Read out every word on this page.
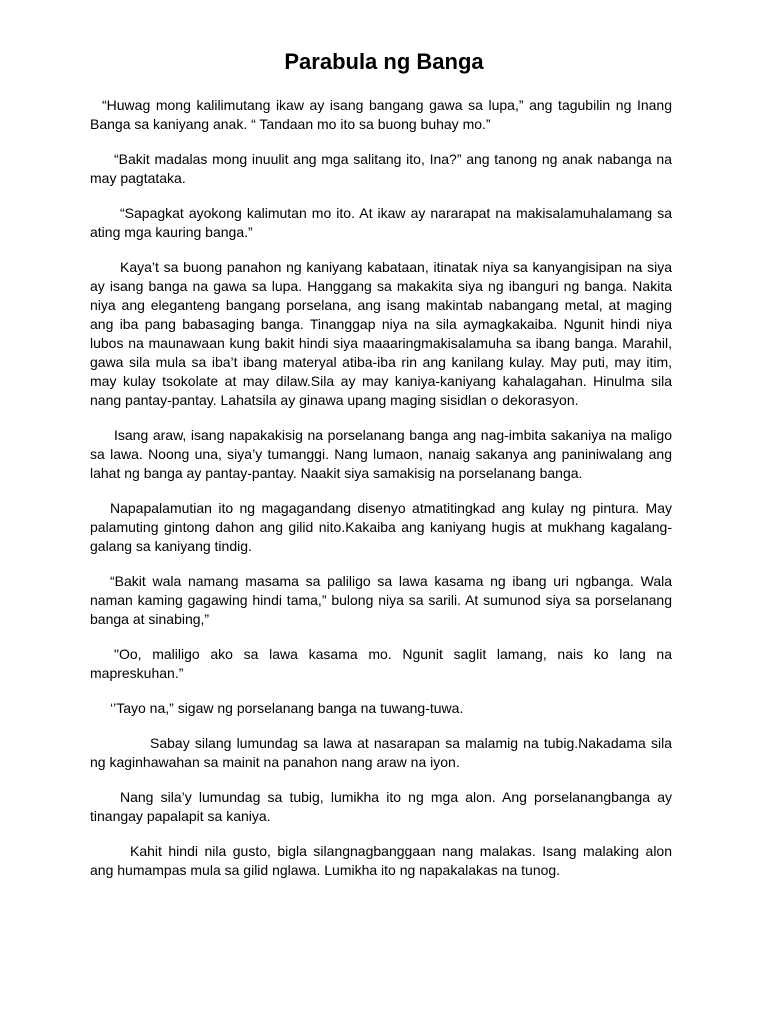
Parabula ng Banga

“Huwag mong kalilimutang ikaw ay isang bangang gawa sa lupa,” ang tagubilin ng Inang Banga sa kaniyang anak. “ Tandaan mo ito sa buong buhay mo.”

“Bakit madalas mong inuulit ang mga salitang ito, Ina?” ang tanong ng anak nabanga na may pagtataka.

“Sapagkat ayokong kalimutan mo ito. At ikaw ay nararapat na makisalamuhalamang sa ating mga kauring banga.”

Kaya’t sa buong panahon ng kaniyang kabataan, itinatak niya sa kanyangisipan na siya ay isang banga na gawa sa lupa. Hanggang sa makakita siya ng ibanguri ng banga. Nakita niya ang eleganteng bangang porselana, ang isang makintab nabangang metal, at maging ang iba pang babasaging banga. Tinanggap niya na sila aymagkakaiba. Ngunit hindi niya lubos na maunawaan kung bakit hindi siya maaaringmakisalamuha sa ibang banga. Marahil, gawa sila mula sa iba’t ibang materyal atiba-iba rin ang kanilang kulay. May puti, may itim, may kulay tsokolate at may dilaw.Sila ay may kaniya-kaniyang kahalagahan. Hinulma sila nang pantay-pantay. Lahatsila ay ginawa upang maging sisidlan o dekorasyon.

Isang araw, isang napakakisig na porselanang banga ang nag-imbita sakaniya na maligo sa lawa. Noong una, siya’y tumanggi. Nang lumaon, nanaig sakanya ang paniniwalang ang lahat ng banga ay pantay-pantay. Naakit siya samakisig na porselanang banga.

Napapalamutian ito ng magagandang disenyo atmatitingkad ang kulay ng pintura. May palamuting gintong dahon ang gilid nito.Kakaiba ang kaniyang hugis at mukhang kagalang-galang sa kaniyang tindig.

“Bakit wala namang masama sa paliligo sa lawa kasama ng ibang uri ngbanga. Wala naman kaming gagawing hindi tama,” bulong niya sa sarili. At sumunod siya sa porselanang banga at sinabing,”

"Oo, maliligo ako sa lawa kasama mo. Ngunit saglit lamang, nais ko lang na mapreskuhan.”

‘’Tayo na,” sigaw ng porselanang banga na tuwang-tuwa.

Sabay silang lumundag sa lawa at nasarapan sa malamig na tubig.Nakadama sila ng kaginhawahan sa mainit na panahon nang araw na iyon.

Nang sila’y lumundag sa tubig, lumikha ito ng mga alon. Ang porselanangbanga ay tinangay papalapit sa kaniya.

Kahit hindi nila gusto, bigla silangnagbanggaan nang malakas. Isang malaking alon ang humampas mula sa gilid nglawa. Lumikha ito ng napakalakas na tunog.
